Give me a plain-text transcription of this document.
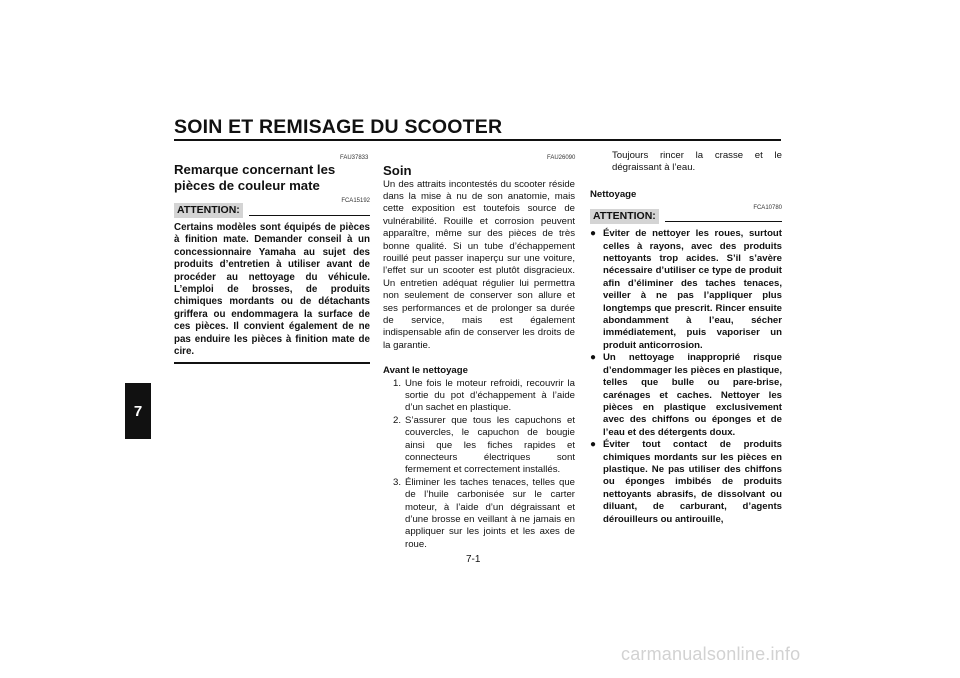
SOIN ET REMISAGE DU SCOOTER
7
FAU37833

Remarque concernant les pièces de couleur mate

FCA15192
ATTENTION:

Certains modèles sont équipés de pièces à finition mate. Demander conseil à un concessionnaire Yamaha au sujet des produits d’entretien à utiliser avant de procéder au nettoyage du véhicule. L’emploi de brosses, de produits chimiques mordants ou de détachants griffera ou endommagera la surface de ces pièces. Il convient également de ne pas enduire les pièces à finition mate de cire.

FAU26090

Soin

Un des attraits incontestés du scooter réside dans la mise à nu de son anatomie, mais cette exposition est toutefois source de vulnérabilité. Rouille et corrosion peuvent apparaître, même sur des pièces de très bonne qualité. Si un tube d’échappement rouillé peut passer inaperçu sur une voiture, l’effet sur un scooter est plutôt disgracieux. Un entretien adéquat régulier lui permettra non seulement de conserver son allure et ses performances et de prolonger sa durée de service, mais est également indispensable afin de conserver les droits de la garantie.

Avant le nettoyage

1. Une fois le moteur refroidi, recouvrir la sortie du pot d’échappement à l’aide d’un sachet en plastique.
2. S’assurer que tous les capuchons et couvercles, le capuchon de bougie ainsi que les fiches rapides et connecteurs électriques sont fermement et correctement installés.
3. Éliminer les taches tenaces, telles que de l’huile carbonisée sur le carter moteur, à l’aide d’un dégraissant et d’une brosse en veillant à ne jamais en appliquer sur les joints et les axes de roue.

Toujours rincer la crasse et le dégraissant à l’eau.

Nettoyage

FCA10780
ATTENTION:
● Éviter de nettoyer les roues, surtout celles à rayons, avec des produits nettoyants trop acides. S’il s’avère nécessaire d’utiliser ce type de produit afin d’éliminer des taches tenaces, veiller à ne pas l’appliquer plus longtemps que prescrit. Rincer ensuite abondamment à l’eau, sécher immédiatement, puis vaporiser un produit anticorrosion.
● Un nettoyage inapproprié risque d’endommager les pièces en plastique, telles que bulle ou pare-brise, carénages et caches. Nettoyer les pièces en plastique exclusivement avec des chiffons ou éponges et de l’eau et des détergents doux.
● Éviter tout contact de produits chimiques mordants sur les pièces en plastique. Ne pas utiliser des chiffons ou éponges imbibés de produits nettoyants abrasifs, de dissolvant ou diluant, de carburant, d’agents dérouilleurs ou antirouille,
7-1
carmanualsonline.info
